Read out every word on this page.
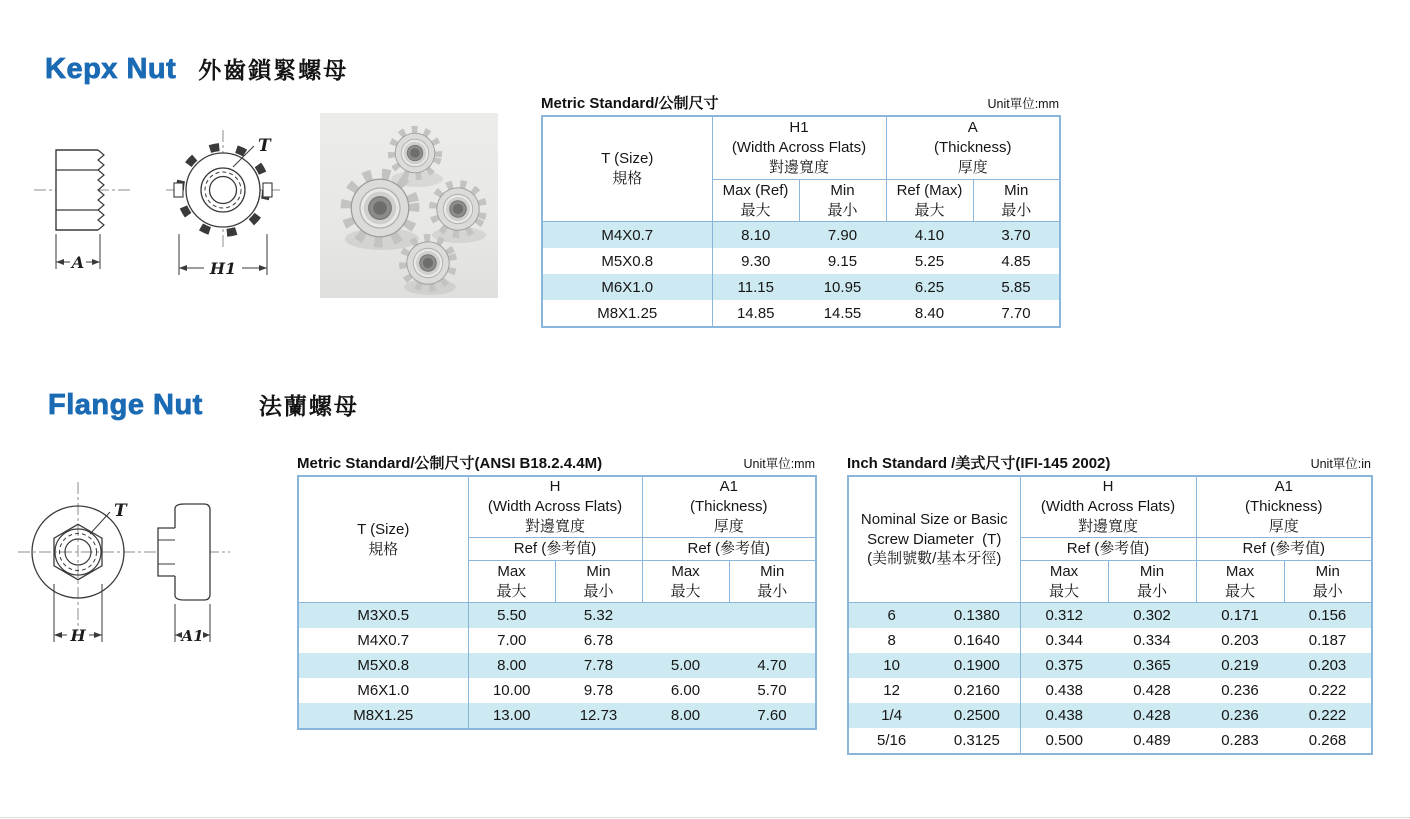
Kepx Nut 外齒鎖緊螺母
A
T
H1
Metric Standard/公制尺寸	Unit單位:mm
T (Size)
規格

H1
(Width Across Flats)
對邊寬度

A
(Thickness)
厚度

Max (Ref)
最大

Min
最小

Ref (Max)
最大

Min
最小

M4X0.7	8.10	7.90	4.10	3.70
M5X0.8	9.30	9.15	5.25	4.85
M6X1.0	11.15	10.95	6.25	5.85
M8X1.25	14.85	14.55	8.40	7.70
Flange Nut 法蘭螺母
T
H	A1
Metric Standard/公制尺寸(ANSI B18.2.4.4M)	Unit單位:mm
T (Size)
規格

H
(Width Across Flats)
對邊寬度

A1
(Thickness)
厚度

	Ref (參考值)		Ref (參考值)	

Max
最大

Min
最小

Max
最大

Min
最小

M3X0.5	5.50	5.32		
M4X0.7	7.00	6.78		
M5X0.8	8.00	7.78	5.00	4.70
M6X1.0	10.00	9.78	6.00	5.70
M8X1.25	13.00	12.73	8.00	7.60
Inch Standard /美式尺寸(IFI-145 2002)	Unit單位:in
Nominal Size or Basic
Screw Diameter  (T)
(美制號數/基本牙徑)

H
(Width Across Flats)
對邊寬度

A1
(Thickness)
厚度

	Ref (參考值)		Ref (參考值)	

Max
最大

Min
最小

Max
最大

Min
最小

6 0.1380	0.312	0.302	0.171	0.156

8 0.1640	0.344	0.334	0.203	0.187

10 0.1900	0.375	0.365	0.219	0.203

12 0.2160	0.438	0.428	0.236	0.222

1/4 0.2500	0.438	0.428	0.236	0.222

5/16 0.3125	0.500	0.489	0.283	0.268
